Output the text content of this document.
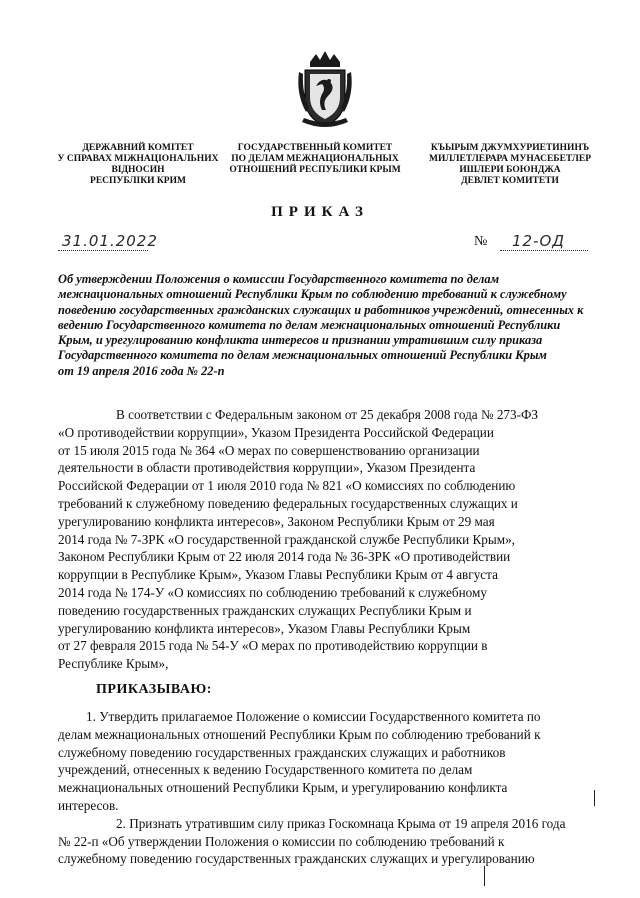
ДЕРЖАВНИЙ КОМІТЕТ
У СПРАВАХ МІЖНАЦІОНАЛЬНИХ
ВІДНОСИН
РЕСПУБЛІКИ КРИМ
ГОСУДАРСТВЕННЫЙ КОМИТЕТ
ПО ДЕЛАМ МЕЖНАЦИОНАЛЬНЫХ
ОТНОШЕНИЙ РЕСПУБЛИКИ КРЫМ
КЪЫРЫМ ДЖУМХУРИЕТИНИНЪ
МИЛЛЕТЛЕРАРА МУНАСЕБЕТЛЕР
ИШЛЕРИ БОЮНДЖА
ДЕВЛЕТ КОМИТЕТИ
ПРИКАЗ
31.01.2022	№ 12-ОД
Об утверждении Положения о комиссии Государственного комитета по делам
межнациональных отношений Республики Крым по соблюдению требований к служебному
поведению государственных гражданских служащих и работников учреждений, отнесенных к
ведению Государственного комитета по делам межнациональных отношений Республики
Крым, и урегулированию конфликта интересов и признании утратившим силу приказа
Государственного комитета по делам межнациональных отношений Республики Крым
от 19 апреля 2016 года № 22-п
В соответствии с Федеральным законом от 25 декабря 2008 года № 273-ФЗ
«О противодействии коррупции», Указом Президента Российской Федерации
от 15 июля 2015 года № 364 «О мерах по совершенствованию организации
деятельности в области противодействия коррупции», Указом Президента
Российской Федерации от 1 июля 2010 года № 821 «О комиссиях по соблюдению
требований к служебному поведению федеральных государственных служащих и
урегулированию конфликта интересов», Законом Республики Крым от 29 мая
2014 года № 7-ЗРК «О государственной гражданской службе Республики Крым»,
Законом Республики Крым от 22 июля 2014 года № 36-ЗРК «О противодействии
коррупции в Республике Крым», Указом Главы Республики Крым от 4 августа
2014 года № 174-У «О комиссиях по соблюдению требований к служебному
поведению государственных гражданских служащих Республики Крым и
урегулированию конфликта интересов», Указом Главы Республики Крым
от 27 февраля 2015 года № 54-У «О мерах по противодействию коррупции в
Республике Крым»,
ПРИКАЗЫВАЮ:
1. Утвердить прилагаемое Положение о комиссии Государственного комитета по
делам межнациональных отношений Республики Крым по соблюдению требований к
служебному поведению государственных гражданских служащих и работников
учреждений, отнесенных к ведению Государственного комитета по делам
межнациональных отношений Республики Крым, и урегулированию конфликта
интересов.
2. Признать утратившим силу приказ Госкомнаца Крыма от 19 апреля 2016 года
№ 22-п «Об утверждении Положения о комиссии по соблюдению требований к
служебному поведению государственных гражданских служащих и урегулированию
